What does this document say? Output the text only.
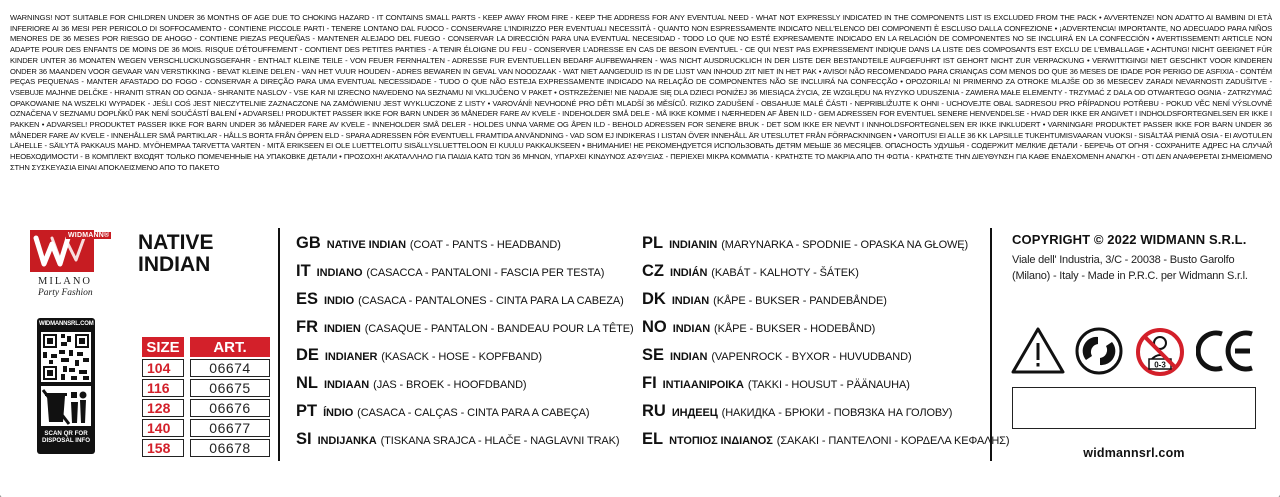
WARNINGS! NOT SUITABLE FOR CHILDREN UNDER 36 MONTHS OF AGE DUE TO CHOKING HAZARD - IT CONTAINS SMALL PARTS - KEEP AWAY FROM FIRE - KEEP THE ADDRESS FOR ANY EVENTUAL NEED - WHAT NOT EXPRESSLY INDICATED IN THE COMPONENTS LIST IS EXCLUDED FROM THE PACK • AVVERTENZE! NON ADATTO AI BAMBINI DI ETÀ INFERIORE AI 36 MESI PER PERICOLO DI SOFFOCAMENTO - CONTIENE PICCOLE PARTI - TENERE LONTANO DAL FUOCO - CONSERVARE L'INDIRIZZO PER EVENTUALI NECESSITÀ - QUANTO NON ESPRESSAMENTE INDICATO NELL'ELENCO DEI COMPONENTI È ESCLUSO DALLA CONFEZIONE • ¡ADVERTENCIA! IMPORTANTE, NO ADECUADO PARA NIÑOS MENORES DE 36 MESES POR RIESGO DE AHOGO - CONTIENE PIEZAS PEQUEÑAS - MANTENER ALEJADO DEL FUEGO - CONSERVAR LA DIRECCIÓN PARA UNA EVENTUAL NECESIDAD - TODO LO QUE NO ESTÉ EXPRESAMENTE INDICADO EN LA RELACIÓN DE COMPONENTES NO SE INCLUIRÁ EN LA CONFECCIÓN • AVERTISSEMENT! ARTICLE NON ADAPTE POUR DES ENFANTS DE MOINS DE 36 MOIS. RISQUE D'ÉTOUFFEMENT - CONTIENT DES PETITES PARTIES - A TENIR ÉLOIGNE DU FEU - CONSERVER L'ADRESSE EN CAS DE BESOIN EVENTUEL - CE QUI N'EST PAS EXPRESSEMENT INDIQUE DANS LA LISTE DES COMPOSANTS EST EXCLU DE L'EMBALLAGE • ACHTUNG! NICHT GEEIGNET FÜR KINDER UNTER 36 MONATEN WEGEN VERSCHLUCKUNGSGEFAHR - ENTHALT KLEINE TEILE - VON FEUER FERNHALTEN - ADRESSE FUR EVENTUELLEN BEDARF AUFBEWAHREN - WAS NICHT AUSDRUCKLICH IN DER LISTE DER BESTANDTEILE AUFGEFUHRT IST GEHORT NICHT ZUR VERPACKUNG • VERWITTIGING! NIET GESCHIKT VOOR KINDEREN ONDER 36 MAANDEN VOOR GEVAAR VAN VERSTIKKING - BEVAT KLEINE DELEN - VAN HET VUUR HOUDEN - ADRES BEWAREN IN GEVAL VAN NOODZAAK - WAT NIET AANGEDUID IS IN DE LIJST VAN INHOUD ZIT NIET IN HET PAK • AVISO! NÃO RECOMENDADO PARA CRIANÇAS COM MENOS DO QUE 36 MESES DE IDADE POR PERIGO DE ASFIXIA - CONTÉM PEÇAS PEQUENAS - MANTER AFASTADO DO FOGO - CONSERVAR A DIREÇÃO PARA UMA EVENTUAL NECESSIDADE - TUDO O QUE NÃO ESTEJA EXPRESSAMENTE INDICADO NA RELAÇÃO DE COMPONENTES NÃO SE INCLUIRÁ NA CONFECÇÃO • OPOZORILA! NI PRIMERNO ZA OTROKE MLAJŠE OD 36 MESECEV ZARADI NEVARNOSTI ZADUŠITVE - VSEBUJE MAJHNE DELČKE - HRANITI STRAN OD OGNJA - SHRANITE NASLOV - VSE KAR NI IZRECNO NAVEDENO NA SEZNAMU NI VKLJUČENO V PAKET • OSTRZEŻENIE! NIE NADAJE SIĘ DLA DZIECI PONIŻEJ 36 MIESIĄCA ŻYCIA, ZE WZGLĘDU NA RYZYKO UDUSZENIA - ZAWIERA MAŁE ELEMENTY - TRZYMAĆ Z DALA OD OTWARTEGO OGNIA - ZATRZYMAĆ OPAKOWANIE NA WSZELKI WYPADEK - JEŚLI COŚ JEST NIECZYTELNIE ZAZNACZONE NA ZAMÓWIENIU JEST WYKLUCZONE Z LISTY • VAROVÁNÍ! NEVHODNÉ PRO DĚTI MLADŠÍ 36 MĚSÍCŮ. RIZIKO ZADUŠENÍ - OBSAHUJE MALÉ ČÁSTI - NEPRIBLIŽUJTE K OHNI - UCHOVEJTE OBAL SADRESOU PRO PŘÍPADNOU POTŘEBU - POKUD VĚC NENÍ VÝSLOVNĚ OZNAČENA V SEZNAMU DOPLŇKŮ PAK NENÍ SOUČÁSTÍ BALENÍ • ADVARSEL! PRODUKTET PASSER IKKE FOR BARN UNDER 36 MÅNEDER FARE AV KVELE - INDEHOLDER SMÅ DELE - MÅ IKKE KOMME I NÆRHEDEN AF ÅBEN ILD - GEM ADRESSEN FOR EVENTUEL SENERE HENVENDELSE - HVAD DER IKKE ER ANGIVET I INDHOLDSFORTEGNELSEN ER IKKE I PAKKEN • ADVARSEL! PRODUKTET PASSER IKKE FOR BARN UNDER 36 MÅNEDER FARE AV KVELE - INNEHOLDER SMÅ DELER - HOLDES UNNA VARME OG ÅPEN ILD - BEHOLD ADRESSEN FOR SENERE BRUK - DET SOM IKKE ER NEVNT I INNHOLDSFORTEGNELSEN ER IKKE INKLUDERT • VARNINGAR! PRODUKTET PASSER IKKE FOR BARN UNDER 36 MÅNEDER FARE AV KVELE - INNEHÅLLER SMÅ PARTIKLAR - HÅLLS BORTA FRÅN ÖPPEN ELD - SPARA ADRESSEN FÖR EVENTUELL FRAMTIDA ANVÄNDNING - VAD SOM EJ INDIKERAS I LISTAN ÖVER INNEHÅLL ÄR UTESLUTET FRÅN FÖRPACKNINGEN • VAROITUS! EI ALLE 36 KK LAPSILLE TUKEHTUMISVAARAN VUOKSI - SISÄLTÄÄ PIENIÄ OSIA - EI AVOTULEN LÄHELLE - SÄILYTÄ PAKKAUS MAHD. MYÖHEMPAA TARVETTA VARTEN - MITÄ ERIKSEEN EI OLE LUETTELOITU SISÄLLYSLUETTELOON EI KUULU PAKKAUKSEEN • ВНИМАНИЕ! НЕ РЕКОМЕНДУЕТСЯ ИСПОЛЬЗОВАТЬ ДЕТЯМ МЕЬШЕ 36 МЕСЯЦЕВ. ОПАСНОСТЬ УДУШЬЯ - СОДЕРЖИТ МЕЛКИЕ ДЕТАЛИ - БЕРЕЧЬ ОТ ОГНЯ - СОХРАНИТЕ АДРЕС НА СЛУЧАЙ НЕОБХОДИМОСТИ - В КОМПЛЕКТ ВХОДЯТ ТОЛЬКО ПОМЕЧЕННЫЕ НА УПАКОВКЕ ДЕТАЛИ • ΠΡΟΣΟΧΗ! ΑΚΑΤΑΛΛΗΛΟ ΓΙΑ ΠΑΙΔΙΑ ΚΑΤΩ ΤΩΝ 36 ΜΗΝΩΝ, ΥΠΑΡΧΕΙ ΚΙΝΔΥΝΟΣ ΑΣΦΥΞΙΑΣ - ΠΕΡΙΕΧΕΙ ΜΙΚΡΑ ΚΟΜΜΑΤΙΑ - ΚΡΑΤΗΣΤΕ ΤΟ ΜΑΚΡΙΑ ΑΠΟ ΤΗ ΦΩΤΙΑ - ΚΡΑΤΗΣΤΕ ΤΗΝ ΔΙΕΥΘΥΝΣΗ ΓΙΑ ΚΑΘΕ ΕΝΔΕΧΟΜΕΝΗ ΑΝΑΓΚΗ - ΟΤΙ ΔΕΝ ΑΝΑΦΕΡΕΤΑΙ ΣΗΜΕΙΩΜΕΝΟ ΣΤΗΝ ΣΥΣΚΕΥΑΣΙΑ ΕΙΝΑΙ ΑΠΟΚΛΕΙΣΜΕΝΟ ΑΠΟ ΤΟ ΠΑΚΕΤΟ
WIDMANN®
MILANO
Party Fashion
NATIVE
INDIAN
WIDMANNSRL.COM
SCAN QR FOR
DISPOSAL INFO
SIZE	ART.
104	06674
116	06675
128	06676
140	06677
158	06678
GB NATIVE INDIAN (COAT - PANTS - HEADBAND)
IT INDIANO (CASACCA - PANTALONI - FASCIA PER TESTA)
ES INDIO (CASACA - PANTALONES - CINTA PARA LA CABEZA)
FR INDIEN (CASAQUE - PANTALON - BANDEAU POUR LA TÊTE)
DE INDIANER (KASACK - HOSE - KOPFBAND)
NL INDIAAN (JAS - BROEK - HOOFDBAND)
PT ÍNDIO (CASACA - CALÇAS - CINTA PARA A CABEÇA)
SI INDIJANKA (TISKANA SRAJCA - HLAČE - NAGLAVNI TRAK)
PL INDIANIN (MARYNARKA - SPODNIE - OPASKA NA GŁOWĘ)
CZ INDIÁN (KABÁT - KALHOTY - ŠÁTEK)
DK INDIAN (KÅPE - BUKSER - PANDEBÅNDE)
NO INDIAN (KÅPE - BUKSER - HODEBÅND)
SE INDIAN (VAPENROCK - BYXOR - HUVUDBAND)
FI INTIAANIPOIKA (TAKKI - HOUSUT - PÄÄNAUHA)
RU ИНДЕЕЦ (НАКИДКА - БРЮКИ - ПОВЯЗКА НА ГОЛОВУ)
EL ΝΤΟΠΙΟΣ ΙΝΔΙΑΝΟΣ (ΣΑΚΑΚΙ - ΠΑΝΤΕΛΟΝΙ - ΚΟΡΔΕΛΑ ΚΕΦΑΛΗΣ)
COPYRIGHT © 2022 WIDMANN S.R.L.
Viale dell' Industria, 3/C - 20038 - Busto Garolfo
(Milano) - Italy - Made in P.R.C. per Widmann S.r.l.
0-3
widmannsrl.com
